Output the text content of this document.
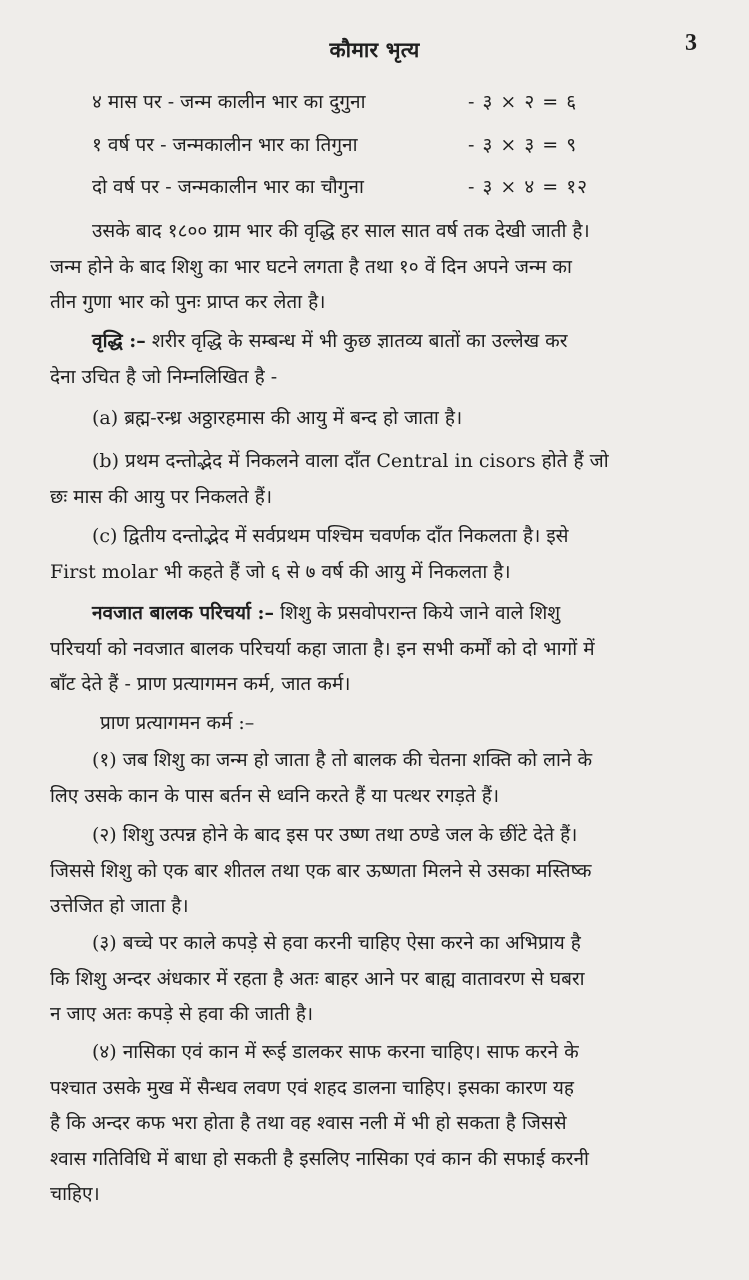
कौमार भृत्य	3
४ मास पर - जन्म कालीन भार का दुगुना	- ३ × २ = ६
१ वर्ष पर - जन्मकालीन भार का तिगुना	- ३ × ३ = ९
दो वर्ष पर - जन्मकालीन भार का चौगुना	- ३ × ४ = १२
उसके बाद १८०० ग्राम भार की वृद्धि हर साल सात वर्ष तक देखी जाती है।
जन्म होने के बाद शिशु का भार घटने लगता है तथा १० वें दिन अपने जन्म का
तीन गुणा भार को पुनः प्राप्त कर लेता है।
वृद्धि :– शरीर वृद्धि के सम्बन्ध में भी कुछ ज्ञातव्य बातों का उल्लेख कर
देना उचित है जो निम्नलिखित है -
(a) ब्रह्म-रन्ध्र अठ्ठारहमास की आयु में बन्द हो जाता है।
(b) प्रथम दन्तोद्भेद में निकलने वाला दाँत Central in cisors होते हैं जो
छः मास की आयु पर निकलते हैं।
(c) द्वितीय दन्तोद्भेद में सर्वप्रथम पश्चिम चवर्णक दाँत निकलता है। इसे
First molar भी कहते हैं जो ६ से ७ वर्ष की आयु में निकलता है।
नवजात बालक परिचर्या :– शिशु के प्रसवोपरान्त किये जाने वाले शिशु
परिचर्या को नवजात बालक परिचर्या कहा जाता है। इन सभी कर्मों को दो भागों में
बाँट देते हैं - प्राण प्रत्यागमन कर्म, जात कर्म।
प्राण प्रत्यागमन कर्म :–
(१) जब शिशु का जन्म हो जाता है तो बालक की चेतना शक्ति को लाने के
लिए उसके कान के पास बर्तन से ध्वनि करते हैं या पत्थर रगड़ते हैं।
(२) शिशु उत्पन्न होने के बाद इस पर उष्ण तथा ठण्डे जल के छींटे देते हैं।
जिससे शिशु को एक बार शीतल तथा एक बार ऊष्णता मिलने से उसका मस्तिष्क
उत्तेजित हो जाता है।
(३) बच्चे पर काले कपड़े से हवा करनी चाहिए ऐसा करने का अभिप्राय है
कि शिशु अन्दर अंधकार में रहता है अतः बाहर आने पर बाह्य वातावरण से घबरा
न जाए अतः कपड़े से हवा की जाती है।
(४) नासिका एवं कान में रूई डालकर साफ करना चाहिए। साफ करने के
पश्चात उसके मुख में सैन्धव लवण एवं शहद डालना चाहिए। इसका कारण यह
है कि अन्दर कफ भरा होता है तथा वह श्वास नली में भी हो सकता है जिससे
श्वास गतिविधि में बाधा हो सकती है इसलिए नासिका एवं कान की सफाई करनी
चाहिए।
